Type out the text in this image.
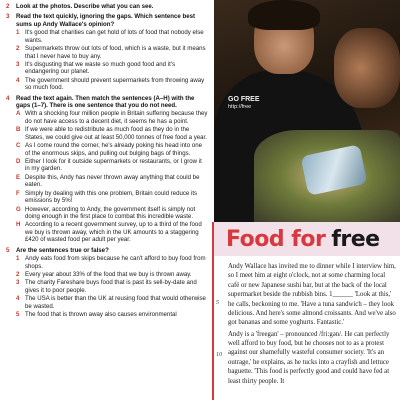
2	Look at the photos. Describe what you can see.
3	Read the text quickly, ignoring the gaps. Which sentence best sums up Andy Wallace's opinion?
1 It's good that charities can get hold of lots of food that nobody else wants.
2 Supermarkets throw out lots of food, which is a waste, but it means that I never have to buy any.
3 It's disgusting that we waste so much good food and it's endangering our planet.
4 The government should prevent supermarkets from throwing away so much food.
4	Read the text again. Then match the sentences (A–H) with the gaps (1–7). There is one sentence that you do not need.
A With a shocking four million people in Britain suffering because they do not have access to a decent diet, it seems he has a point.
B If we were able to redistribute as much food as they do in the States, we could give out at least 50,000 tonnes of free food a year.
C As I come round the corner, he's already poking his head into one of the enormous skips, and pulling out bulging bags of things.
D Either I look for it outside supermarkets or restaurants, or I grow it in my garden.
E Despite this, Andy has never thrown away anything that could be eaten.
F Simply by dealing with this one problem, Britain could reduce its emissions by 5%!
G However, according to Andy, the government itself is simply not doing enough in the first place to combat this incredible waste.
H According to a recent government survey, up to a third of the food we buy is thrown away, which in the UK amounts to a staggering £420 of wasted food per adult per year.
5	Are the sentences true or false?
1 Andy eats food from skips because he can't afford to buy food from shops.
2 Every year about 33% of the food that we buy is thrown away.
3 The charity Fareshare buys food that is past its sell-by-date and gives it to poor people.
4 The USA is better than the UK at reusing food that would otherwise be wasted.
5 The food that is thrown away also causes environmental
GO FREE
http://free
Food for free
5
10

Andy Wallace has invited me to dinner while I interview him, so I meet him at eight o'clock, not at some charming local café or new Japanese sushi bar, but at the back of the local supermarket beside the rubbish bins. 1______ 'Look at this,' he calls, beckoning to me. 'Have a tuna sandwich – they look delicious. And here's some almond croissants. And we've also got bananas and some yoghurts. Fantastic.'

Andy is a 'freegan' – pronounced /fri:gən/. He can perfectly well afford to buy food, but he chooses not to as a protest against our shamefully wasteful consumer society. 'It's an outrage,' he explains, as he tucks into a crayfish and lettuce baguette. 'This food is perfectly good and could have fed at least thirty people. It
